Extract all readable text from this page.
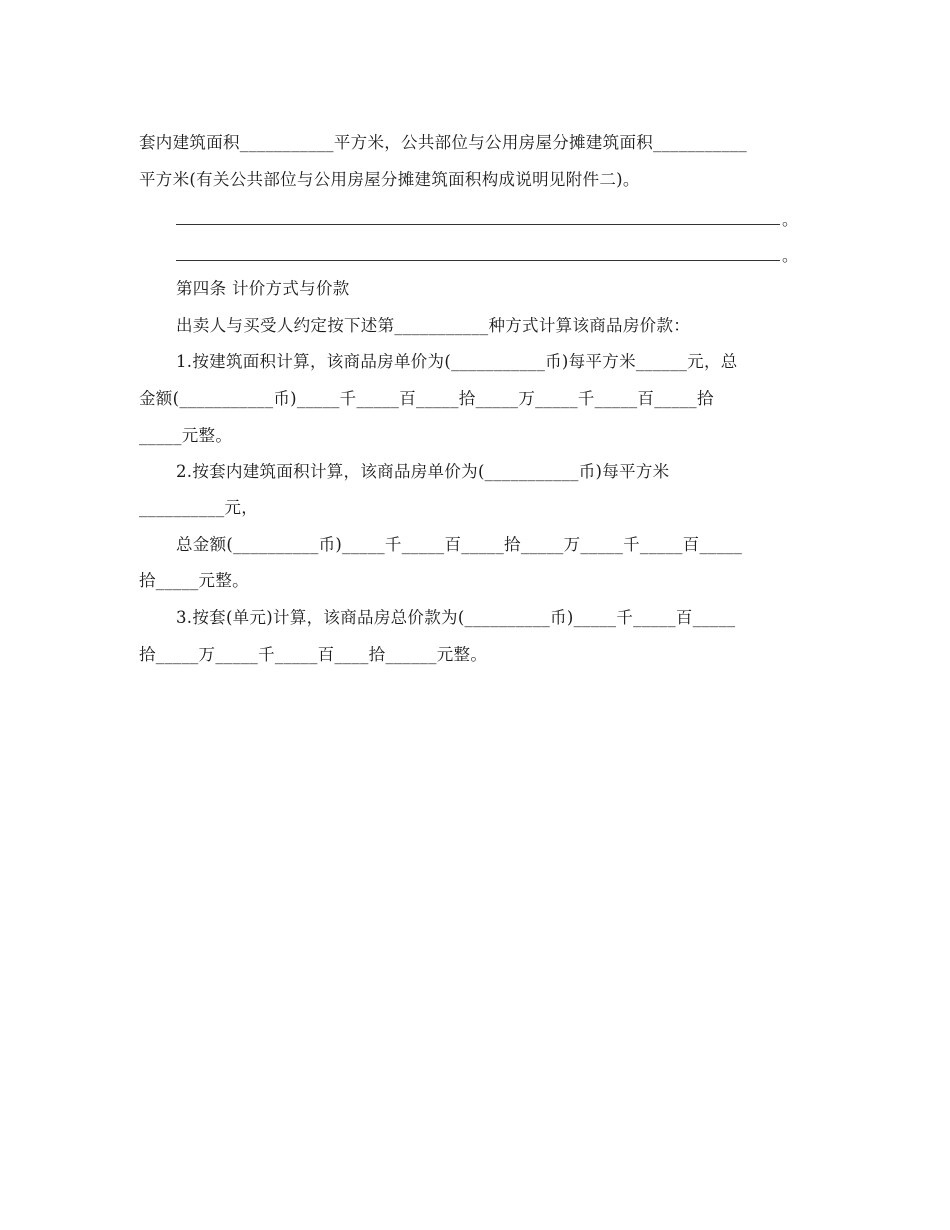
套内建筑面积___________平方米，公共部位与公用房屋分摊建筑面积___________
平方米(有关公共部位与公用房屋分摊建筑面积构成说明见附件二)。
。
。
第四条 计价方式与价款
出卖人与买受人约定按下述第___________种方式计算该商品房价款：
1.按建筑面积计算，该商品房单价为(___________币)每平方米______元，总
金额(___________币)_____千_____百_____拾_____万_____千_____百_____拾
_____元整。
2.按套内建筑面积计算，该商品房单价为(___________币)每平方米
__________元，
总金额(__________币)_____千_____百_____拾_____万_____千_____百_____
拾_____元整。
3.按套(单元)计算，该商品房总价款为(__________币)_____千_____百_____
拾_____万_____千_____百____拾______元整。
